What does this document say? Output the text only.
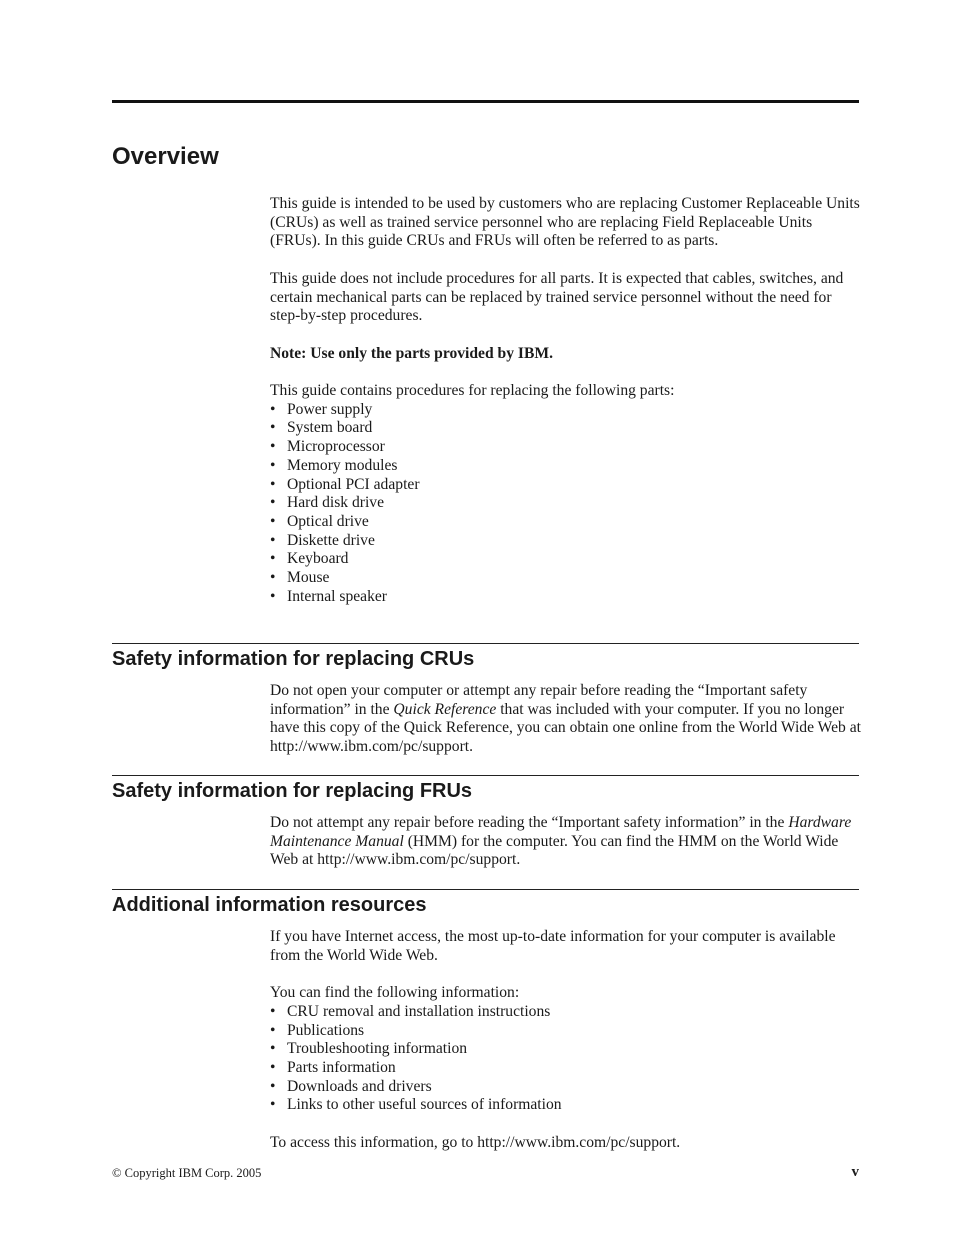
Overview

This guide is intended to be used by customers who are replacing Customer Replaceable Units (CRUs) as well as trained service personnel who are replacing Field Replaceable Units (FRUs). In this guide CRUs and FRUs will often be referred to as parts.

This guide does not include procedures for all parts. It is expected that cables, switches, and certain mechanical parts can be replaced by trained service personnel without the need for step-by-step procedures.

Note: Use only the parts provided by IBM.

This guide contains procedures for replacing the following parts:

• Power supply
• System board
• Microprocessor
• Memory modules
• Optional PCI adapter
• Hard disk drive
• Optical drive
• Diskette drive
• Keyboard
• Mouse
• Internal speaker
Safety information for replacing CRUs

Do not open your computer or attempt any repair before reading the “Important safety information” in the Quick Reference that was included with your computer. If you no longer have this copy of the Quick Reference, you can obtain one online from the World Wide Web at http://www.ibm.com/pc/support.

Safety information for replacing FRUs

Do not attempt any repair before reading the “Important safety information” in the Hardware Maintenance Manual (HMM) for the computer. You can find the HMM on the World Wide Web at http://www.ibm.com/pc/support.

Additional information resources

If you have Internet access, the most up-to-date information for your computer is available from the World Wide Web.

You can find the following information:

• CRU removal and installation instructions
• Publications
• Troubleshooting information
• Parts information
• Downloads and drivers
• Links to other useful sources of information

To access this information, go to http://www.ibm.com/pc/support.

© Copyright IBM Corp. 2005	v
